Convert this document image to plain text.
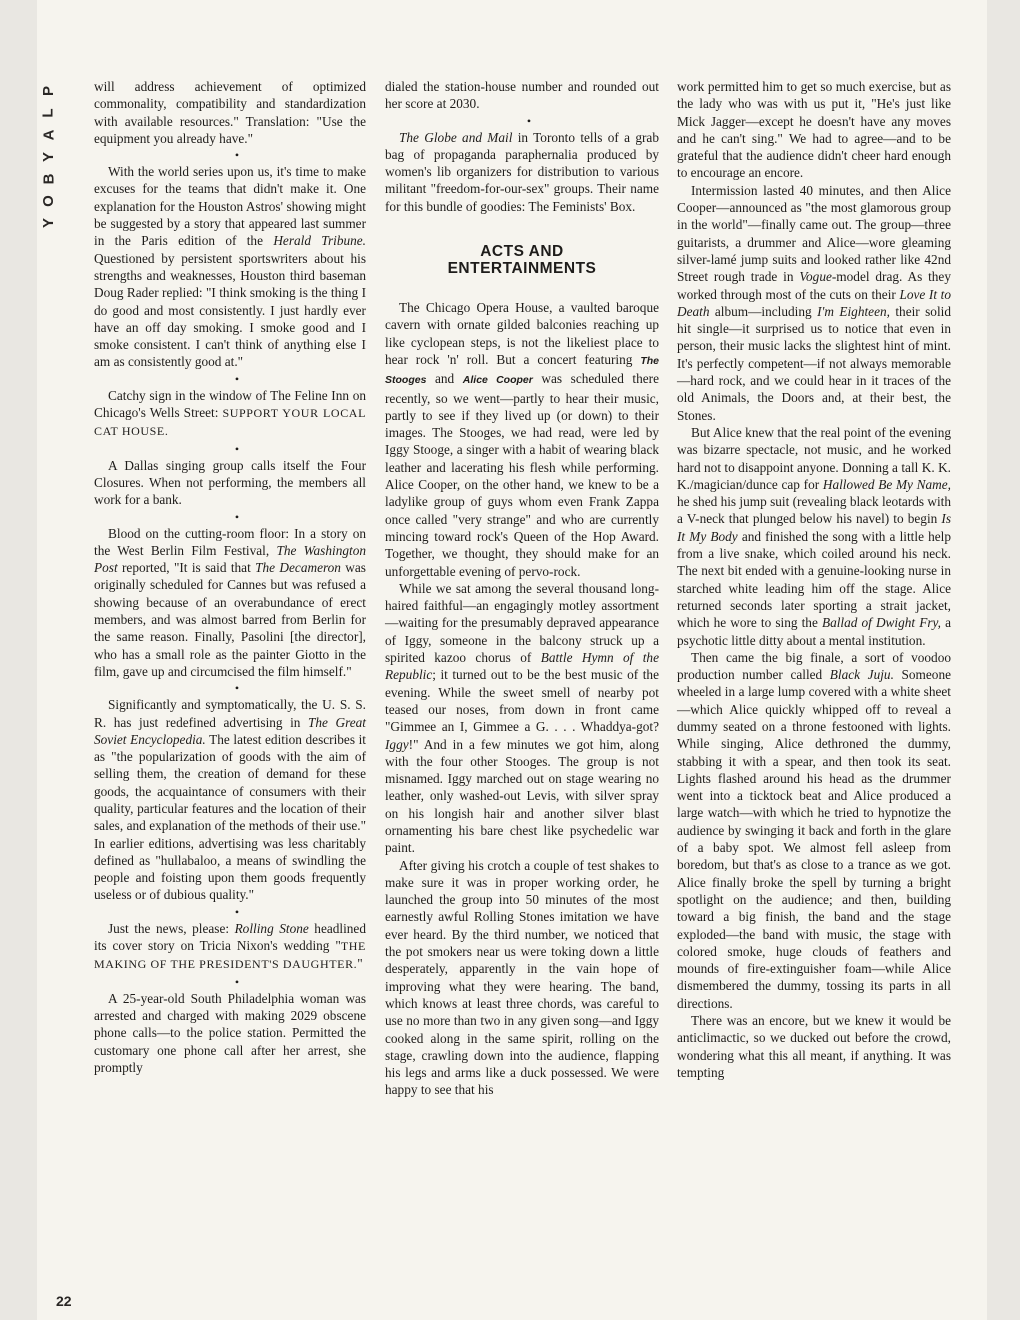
P
L
A
Y
B
O
Y
22

will address achievement of optimized commonality, compatibility and standardization with available resources." Translation: "Use the equipment you already have."

•

With the world series upon us, it's time to make excuses for the teams that didn't make it. One explanation for the Houston Astros' showing might be suggested by a story that appeared last summer in the Paris edition of the Herald Tribune. Questioned by persistent sportswriters about his strengths and weaknesses, Houston third baseman Doug Rader replied: "I think smoking is the thing I do good and most consistently. I just hardly ever have an off day smoking. I smoke good and I smoke consistent. I can't think of anything else I am as consistently good at."

•

Catchy sign in the window of The Feline Inn on Chicago's Wells Street: SUPPORT YOUR LOCAL CAT HOUSE.

•

A Dallas singing group calls itself the Four Closures. When not performing, the members all work for a bank.

•

Blood on the cutting-room floor: In a story on the West Berlin Film Festival, The Washington Post reported, "It is said that The Decameron was originally scheduled for Cannes but was refused a showing because of an overabundance of erect members, and was almost barred from Berlin for the same reason. Finally, Pasolini [the director], who has a small role as the painter Giotto in the film, gave up and circumcised the film himself."

•

Significantly and symptomatically, the U. S. S. R. has just redefined advertising in The Great Soviet Encyclopedia. The latest edition describes it as "the popularization of goods with the aim of selling them, the creation of demand for these goods, the acquaintance of consumers with their quality, particular features and the location of their sales, and explanation of the methods of their use." In earlier editions, advertising was less charitably defined as "hullabaloo, a means of swindling the people and foisting upon them goods frequently useless or of dubious quality."

•

Just the news, please: Rolling Stone headlined its cover story on Tricia Nixon's wedding "THE MAKING OF THE PRESIDENT'S DAUGHTER."

•

A 25-year-old South Philadelphia woman was arrested and charged with making 2029 obscene phone calls—to the police station. Permitted the customary one phone call after her arrest, she promptly

dialed the station-house number and rounded out her score at 2030.

•

The Globe and Mail in Toronto tells of a grab bag of propaganda paraphernalia produced by women's lib organizers for distribution to various militant "freedom-for-our-sex" groups. Their name for this bundle of goodies: The Feminists' Box.

ACTS AND
ENTERTAINMENTS

The Chicago Opera House, a vaulted baroque cavern with ornate gilded balconies reaching up like cyclopean steps, is not the likeliest place to hear rock 'n' roll. But a concert featuring The Stooges and Alice Cooper was scheduled there recently, so we went—partly to hear their music, partly to see if they lived up (or down) to their images. The Stooges, we had read, were led by Iggy Stooge, a singer with a habit of wearing black leather and lacerating his flesh while performing. Alice Cooper, on the other hand, we knew to be a ladylike group of guys whom even Frank Zappa once called "very strange" and who are currently mincing toward rock's Queen of the Hop Award. Together, we thought, they should make for an unforgettable evening of pervo-rock.

While we sat among the several thousand long-haired faithful—an engagingly motley assortment—waiting for the presumably depraved appearance of Iggy, someone in the balcony struck up a spirited kazoo chorus of Battle Hymn of the Republic; it turned out to be the best music of the evening. While the sweet smell of nearby pot teased our noses, from down in front came "Gimmee an I, Gimmee a G. . . . Whaddya-got? Iggy!" And in a few minutes we got him, along with the four other Stooges. The group is not misnamed. Iggy marched out on stage wearing no leather, only washed-out Levis, with silver spray on his longish hair and another silver blast ornamenting his bare chest like psychedelic war paint.

After giving his crotch a couple of test shakes to make sure it was in proper working order, he launched the group into 50 minutes of the most earnestly awful Rolling Stones imitation we have ever heard. By the third number, we noticed that the pot smokers near us were toking down a little desperately, apparently in the vain hope of improving what they were hearing. The band, which knows at least three chords, was careful to use no more than two in any given song—and Iggy cooked along in the same spirit, rolling on the stage, crawling down into the audience, flapping his legs and arms like a duck possessed. We were happy to see that his

work permitted him to get so much exercise, but as the lady who was with us put it, "He's just like Mick Jagger—except he doesn't have any moves and he can't sing." We had to agree—and to be grateful that the audience didn't cheer hard enough to encourage an encore.

Intermission lasted 40 minutes, and then Alice Cooper—announced as "the most glamorous group in the world"—finally came out. The group—three guitarists, a drummer and Alice—wore gleaming silver-lamé jump suits and looked rather like 42nd Street rough trade in Vogue-model drag. As they worked through most of the cuts on their Love It to Death album—including I'm Eighteen, their solid hit single—it surprised us to notice that even in person, their music lacks the slightest hint of mint. It's perfectly competent—if not always memorable—hard rock, and we could hear in it traces of the old Animals, the Doors and, at their best, the Stones.

But Alice knew that the real point of the evening was bizarre spectacle, not music, and he worked hard not to disappoint anyone. Donning a tall K. K. K./magician/dunce cap for Hallowed Be My Name, he shed his jump suit (revealing black leotards with a V-neck that plunged below his navel) to begin Is It My Body and finished the song with a little help from a live snake, which coiled around his neck. The next bit ended with a genuine-looking nurse in starched white leading him off the stage. Alice returned seconds later sporting a strait jacket, which he wore to sing the Ballad of Dwight Fry, a psychotic little ditty about a mental institution.

Then came the big finale, a sort of voodoo production number called Black Juju. Someone wheeled in a large lump covered with a white sheet—which Alice quickly whipped off to reveal a dummy seated on a throne festooned with lights. While singing, Alice dethroned the dummy, stabbing it with a spear, and then took its seat. Lights flashed around his head as the drummer went into a ticktock beat and Alice produced a large watch—with which he tried to hypnotize the audience by swinging it back and forth in the glare of a baby spot. We almost fell asleep from boredom, but that's as close to a trance as we got. Alice finally broke the spell by turning a bright spotlight on the audience; and then, building toward a big finish, the band and the stage exploded—the band with music, the stage with colored smoke, huge clouds of feathers and mounds of fire-extinguisher foam—while Alice dismembered the dummy, tossing its parts in all directions.

There was an encore, but we knew it would be anticlimactic, so we ducked out before the crowd, wondering what this all meant, if anything. It was tempting
